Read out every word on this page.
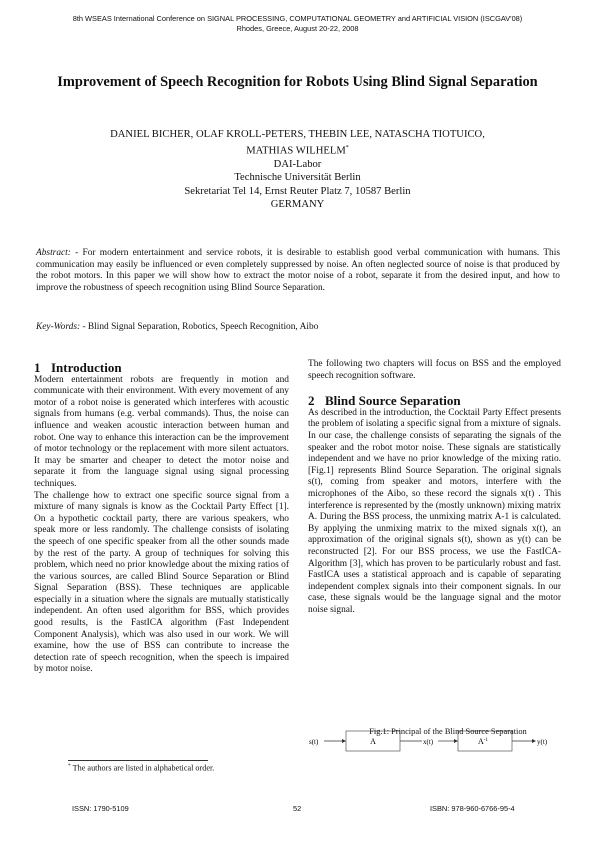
8th WSEAS International Conference on SIGNAL PROCESSING, COMPUTATIONAL GEOMETRY and ARTIFICIAL VISION (ISCGAV'08)
Rhodes, Greece, August 20-22, 2008
Improvement of Speech Recognition for Robots Using Blind Signal Separation
DANIEL BICHER, OLAF KROLL-PETERS, THEBIN LEE, NATASCHA TIOTUICO,
MATHIAS WILHELM*
DAI-Labor
Technische Universität Berlin
Sekretariat Tel 14, Ernst Reuter Platz 7, 10587 Berlin
GERMANY
Abstract: - For modern entertainment and service robots, it is desirable to establish good verbal communication with humans. This communication may easily be influenced or even completely suppressed by noise. An often neglected source of noise is that produced by the robot motors. In this paper we will show how to extract the motor noise of a robot, separate it from the desired input, and how to improve the robustness of speech recognition using Blind Source Separation.
Key-Words: - Blind Signal Separation, Robotics, Speech Recognition, Aibo
1 Introduction

Modern entertainment robots are frequently in motion and communicate with their environment. With every movement of any motor of a robot noise is generated which interferes with acoustic signals from humans (e.g. verbal commands). Thus, the noise can influence and weaken acoustic interaction between human and robot. One way to enhance this interaction can be the improvement of motor technology or the replacement with more silent actuators. It may be smarter and cheaper to detect the motor noise and separate it from the language signal using signal processing techniques.

The challenge how to extract one specific source signal from a mixture of many signals is know as the Cocktail Party Effect [1]. On a hypothetic cocktail party, there are various speakers, who speak more or less randomly. The challenge consists of isolating the speech of one specific speaker from all the other sounds made by the rest of the party. A group of techniques for solving this problem, which need no prior knowledge about the mixing ratios of the various sources, are called Blind Source Separation or Blind Signal Separation (BSS). These techniques are applicable especially in a situation where the signals are mutually statistically independent. An often used algorithm for BSS, which provides good results, is the FastICA algorithm (Fast Independent Component Analysis), which was also used in our work. We will examine, how the use of BSS can contribute to increase the detection rate of speech recognition, when the speech is impaired by motor noise.

The following two chapters will focus on BSS and the employed speech recognition software.

2 Blind Source Separation

As described in the introduction, the Cocktail Party Effect presents the problem of isolating a specific signal from a mixture of signals. In our case, the challenge consists of separating the signals of the speaker and the robot motor noise. These signals are statistically independent and we have no prior knowledge of the mixing ratio. [Fig.1] represents Blind Source Separation. The original signals s(t), coming from speaker and motors, interfere with the microphones of the Aibo, so these record the signals x(t) . This interference is represented by the (mostly unknown) mixing matrix A. During the BSS process, the unmixing matrix A-1 is calculated. By applying the unmixing matrix to the mixed signals x(t), an approximation of the original signals s(t), shown as y(t) can be reconstructed [2]. For our BSS process, we use the FastICA-Algorithm [3], which has proven to be particularly robust and fast. FastICA uses a statistical approach and is capable of separating independent complex signals into their component signals. In our case, these signals would be the language signal and the motor noise signal.

s(t)	A	x(t)	$A^{-1}$	y(t)
Fig.1: Principal of the Blind Source Separation
* The authors are listed in alphabetical order.
ISSN: 1790-5109	52	ISBN: 978-960-6766-95-4
